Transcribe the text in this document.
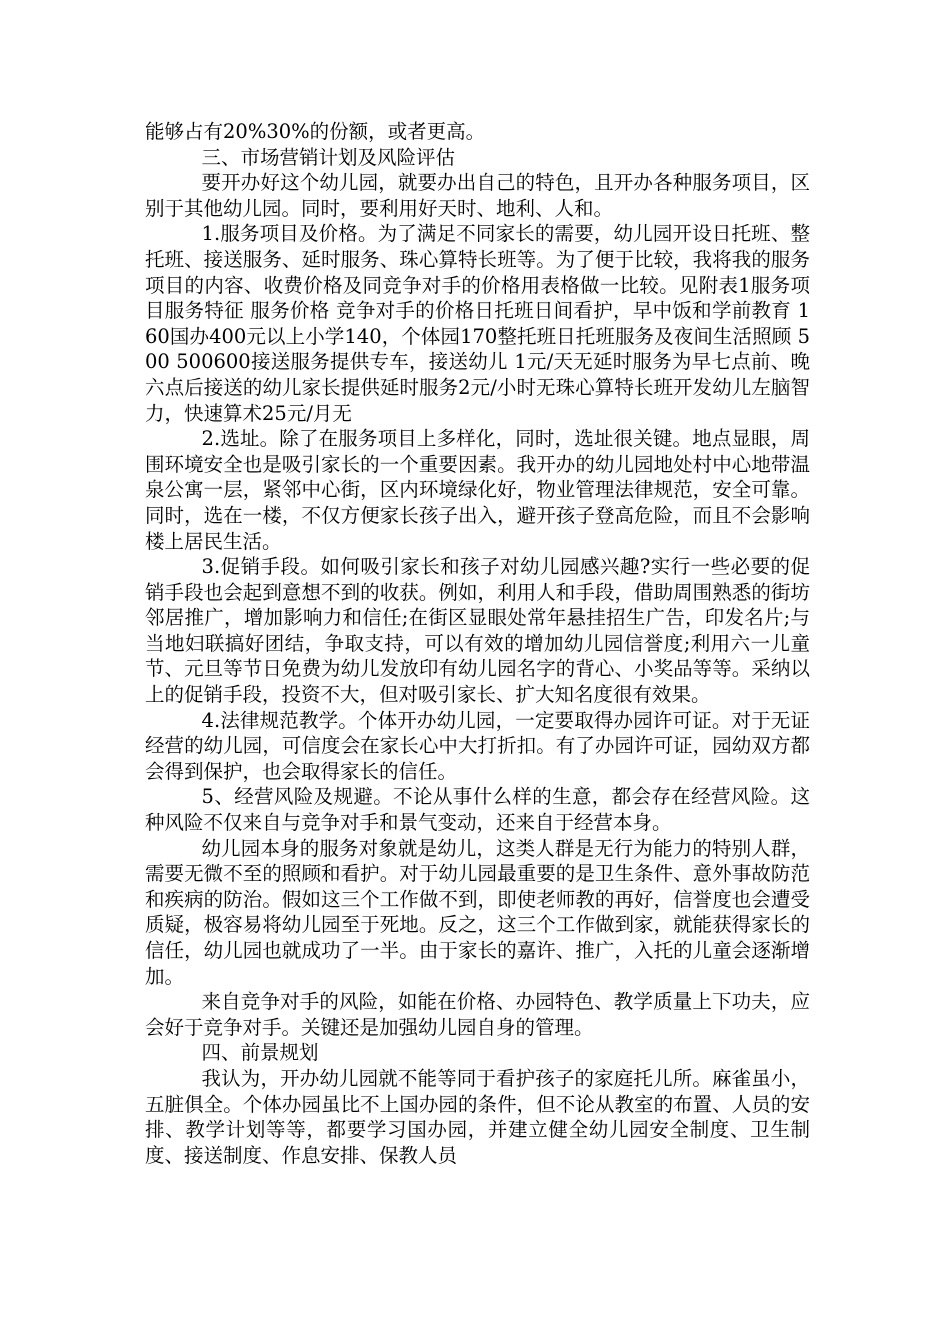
能够占有20%30%的份额，或者更高。

三、市场营销计划及风险评估

要开办好这个幼儿园，就要办出自己的特色，且开办各种服务项目，区别于其他幼儿园。同时，要利用好天时、地利、人和。

1.服务项目及价格。为了满足不同家长的需要，幼儿园开设日托班、整托班、接送服务、延时服务、珠心算特长班等。为了便于比较，我将我的服务项目的内容、收费价格及同竞争对手的价格用表格做一比较。见附表1服务项目服务特征 服务价格 竞争对手的价格日托班日间看护，早中饭和学前教育 160国办400元以上小学140，个体园170整托班日托班服务及夜间生活照顾 500 500600接送服务提供专车，接送幼儿 1元/天无延时服务为早七点前、晚六点后接送的幼儿家长提供延时服务2元/小时无珠心算特长班开发幼儿左脑智力，快速算术25元/月无

2.选址。除了在服务项目上多样化，同时，选址很关键。地点显眼，周围环境安全也是吸引家长的一个重要因素。我开办的幼儿园地处村中心地带温泉公寓一层，紧邻中心街，区内环境绿化好，物业管理法律规范，安全可靠。同时，选在一楼，不仅方便家长孩子出入，避开孩子登高危险，而且不会影响楼上居民生活。

3.促销手段。如何吸引家长和孩子对幼儿园感兴趣?实行一些必要的促销手段也会起到意想不到的收获。例如，利用人和手段，借助周围熟悉的街坊邻居推广，增加影响力和信任;在街区显眼处常年悬挂招生广告，印发名片;与当地妇联搞好团结，争取支持，可以有效的增加幼儿园信誉度;利用六一儿童节、元旦等节日免费为幼儿发放印有幼儿园名字的背心、小奖品等等。采纳以上的促销手段，投资不大，但对吸引家长、扩大知名度很有效果。

4.法律规范教学。个体开办幼儿园，一定要取得办园许可证。对于无证经营的幼儿园，可信度会在家长心中大打折扣。有了办园许可证，园幼双方都会得到保护，也会取得家长的信任。

5、经营风险及规避。不论从事什么样的生意，都会存在经营风险。这种风险不仅来自与竞争对手和景气变动，还来自于经营本身。

幼儿园本身的服务对象就是幼儿，这类人群是无行为能力的特别人群，需要无微不至的照顾和看护。对于幼儿园最重要的是卫生条件、意外事故防范和疾病的防治。假如这三个工作做不到，即使老师教的再好，信誉度也会遭受质疑，极容易将幼儿园至于死地。反之，这三个工作做到家，就能获得家长的信任，幼儿园也就成功了一半。由于家长的嘉许、推广，入托的儿童会逐渐增加。

来自竞争对手的风险，如能在价格、办园特色、教学质量上下功夫，应会好于竞争对手。关键还是加强幼儿园自身的管理。

四、前景规划

我认为，开办幼儿园就不能等同于看护孩子的家庭托儿所。麻雀虽小，五脏俱全。个体办园虽比不上国办园的条件，但不论从教室的布置、人员的安排、教学计划等等，都要学习国办园，并建立健全幼儿园安全制度、卫生制度、接送制度、作息安排、保教人员
